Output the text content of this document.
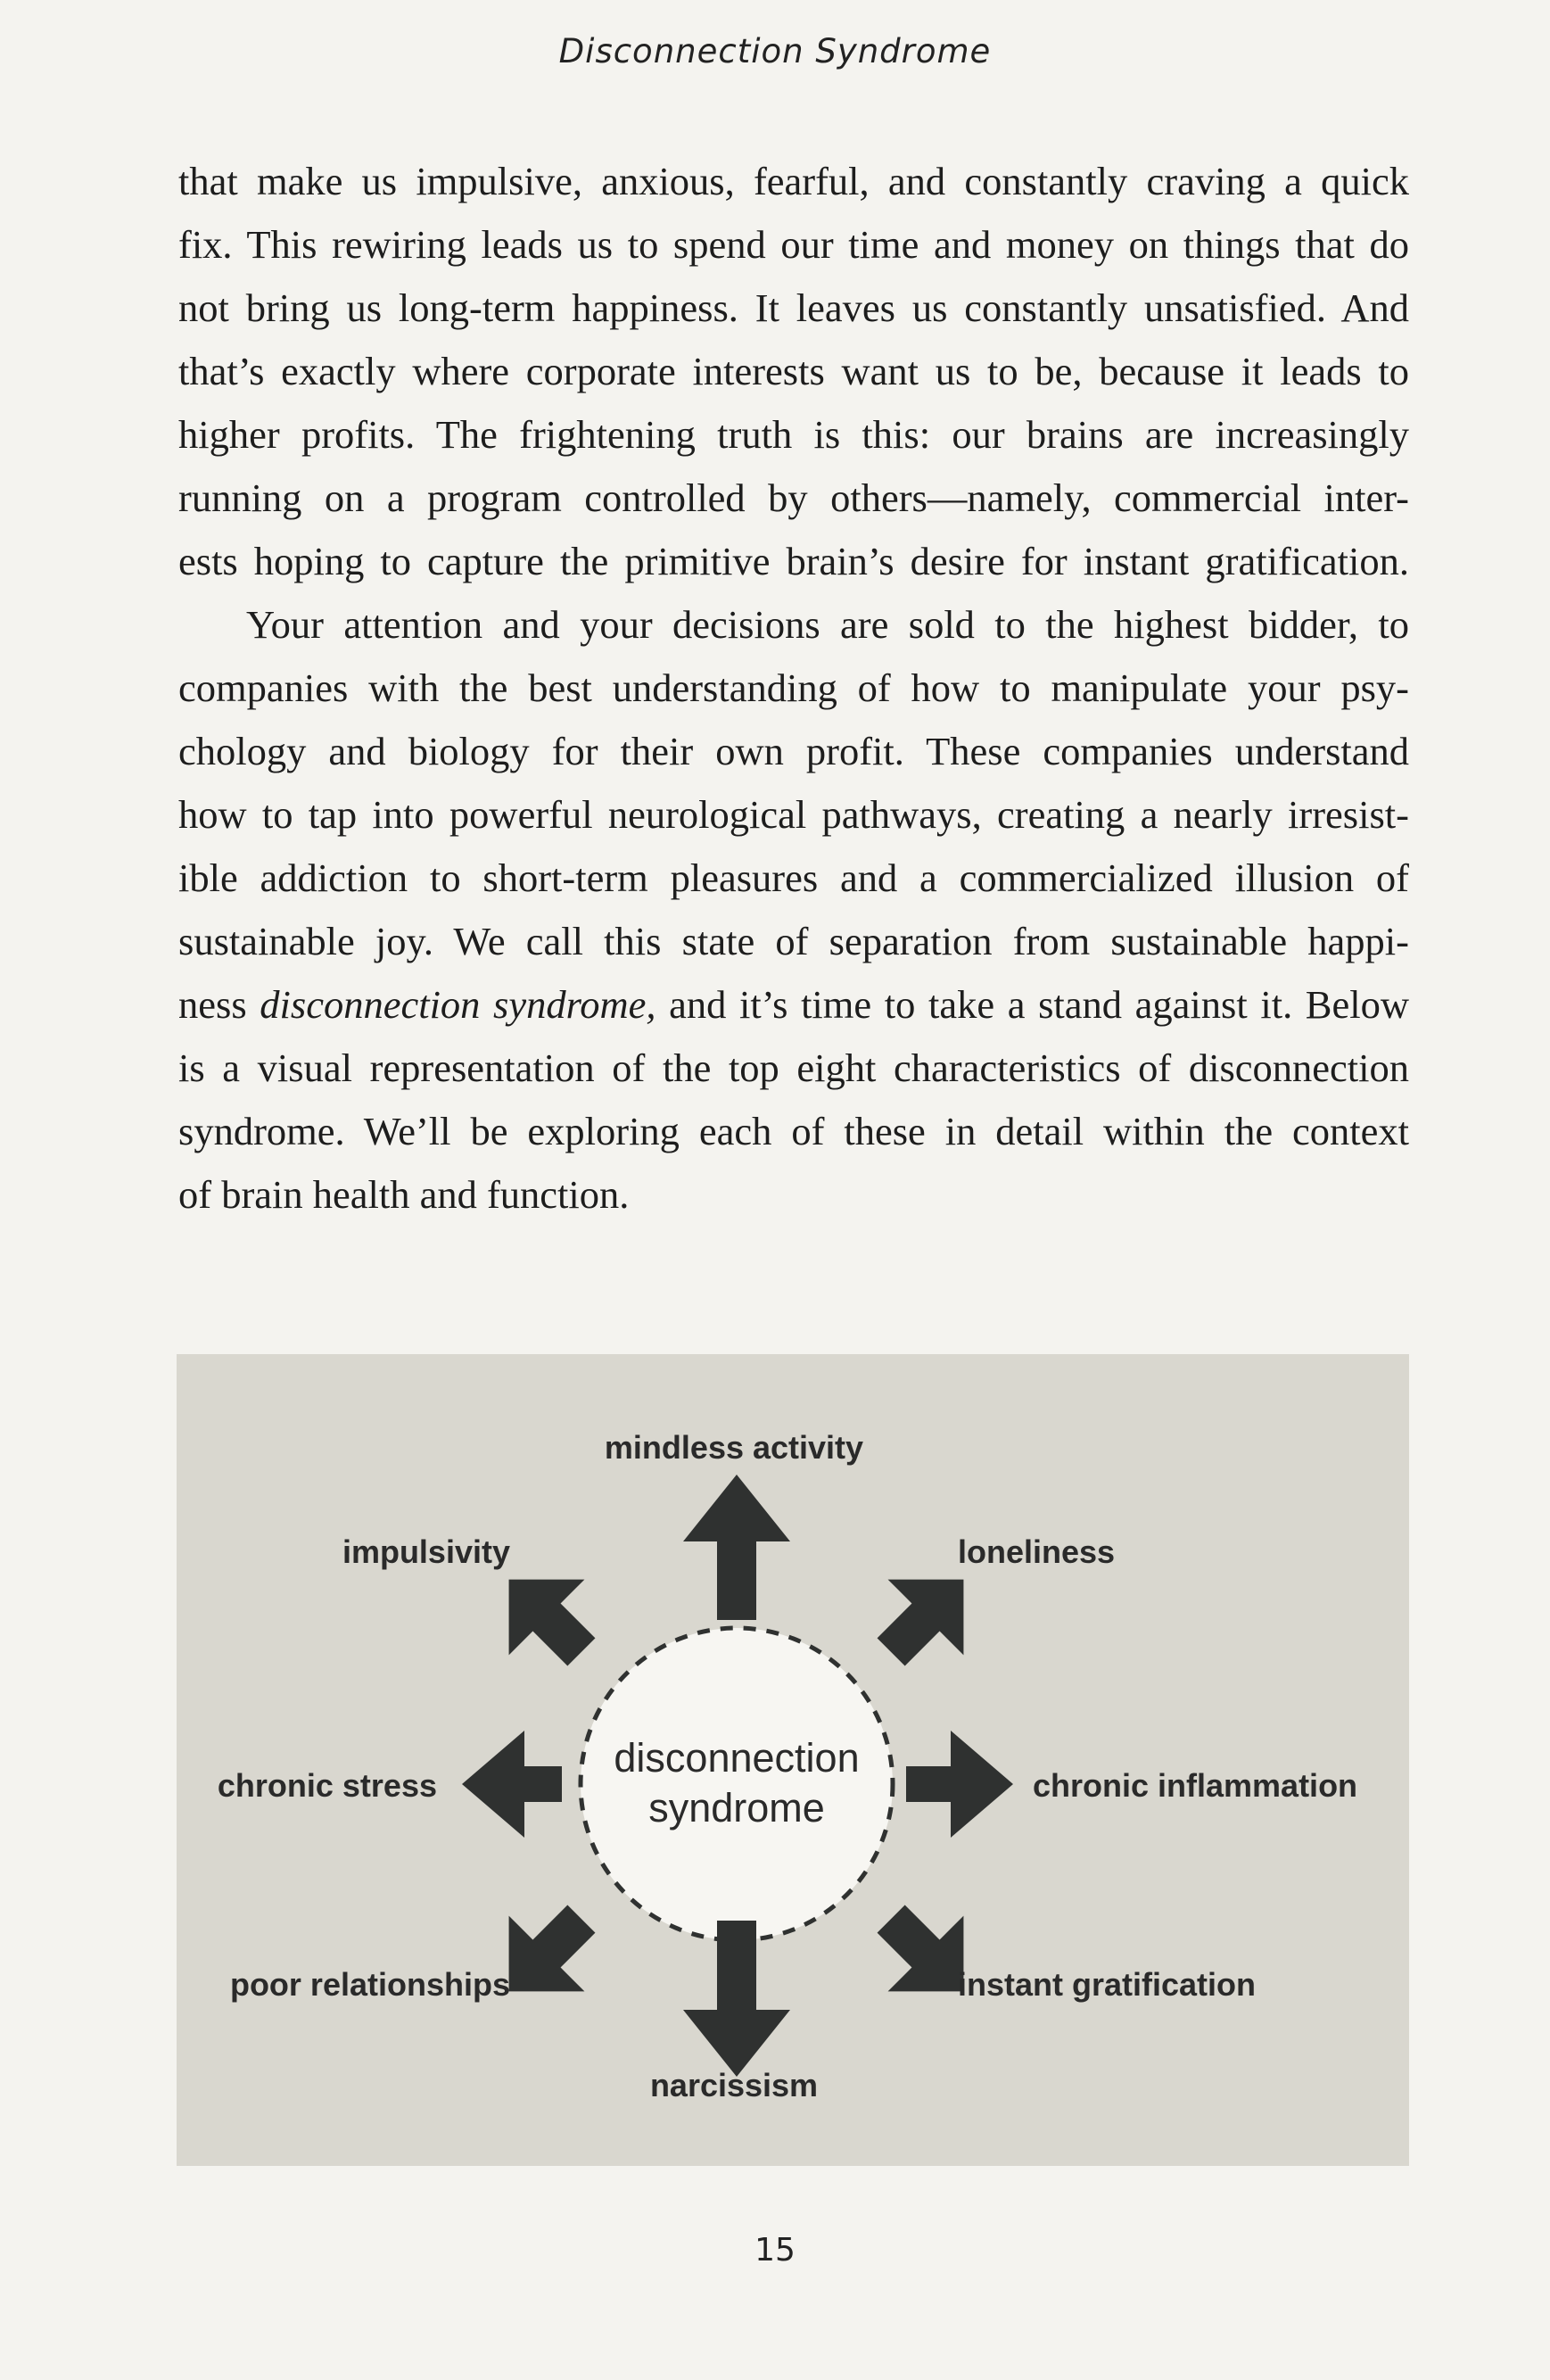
Disconnection Syndrome
that make us impulsive, anxious, fearful, and constantly craving a quick
fix. This rewiring leads us to spend our time and money on things that do
not bring us long-term happiness. It leaves us constantly unsatisfied. And
that’s exactly where corporate interests want us to be, because it leads to
higher profits. The frightening truth is this: our brains are increasingly
running on a program controlled by others—namely, commercial inter-
ests hoping to capture the primitive brain’s desire for instant gratification.
Your attention and your decisions are sold to the highest bidder, to
companies with the best understanding of how to manipulate your psy-
chology and biology for their own profit. These companies understand
how to tap into powerful neurological pathways, creating a nearly irresist-
ible addiction to short-term pleasures and a commercialized illusion of
sustainable joy. We call this state of separation from sustainable happi-
ness disconnection syndrome, and it’s time to take a stand against it. Below
is a visual representation of the top eight characteristics of disconnection
syndrome. We’ll be exploring each of these in detail within the context
of brain health and function.
disconnection
syndrome
mindless activity
impulsivity	loneliness
chronic stress	chronic inflammation
poor relationships	instant gratification
narcissism
15
